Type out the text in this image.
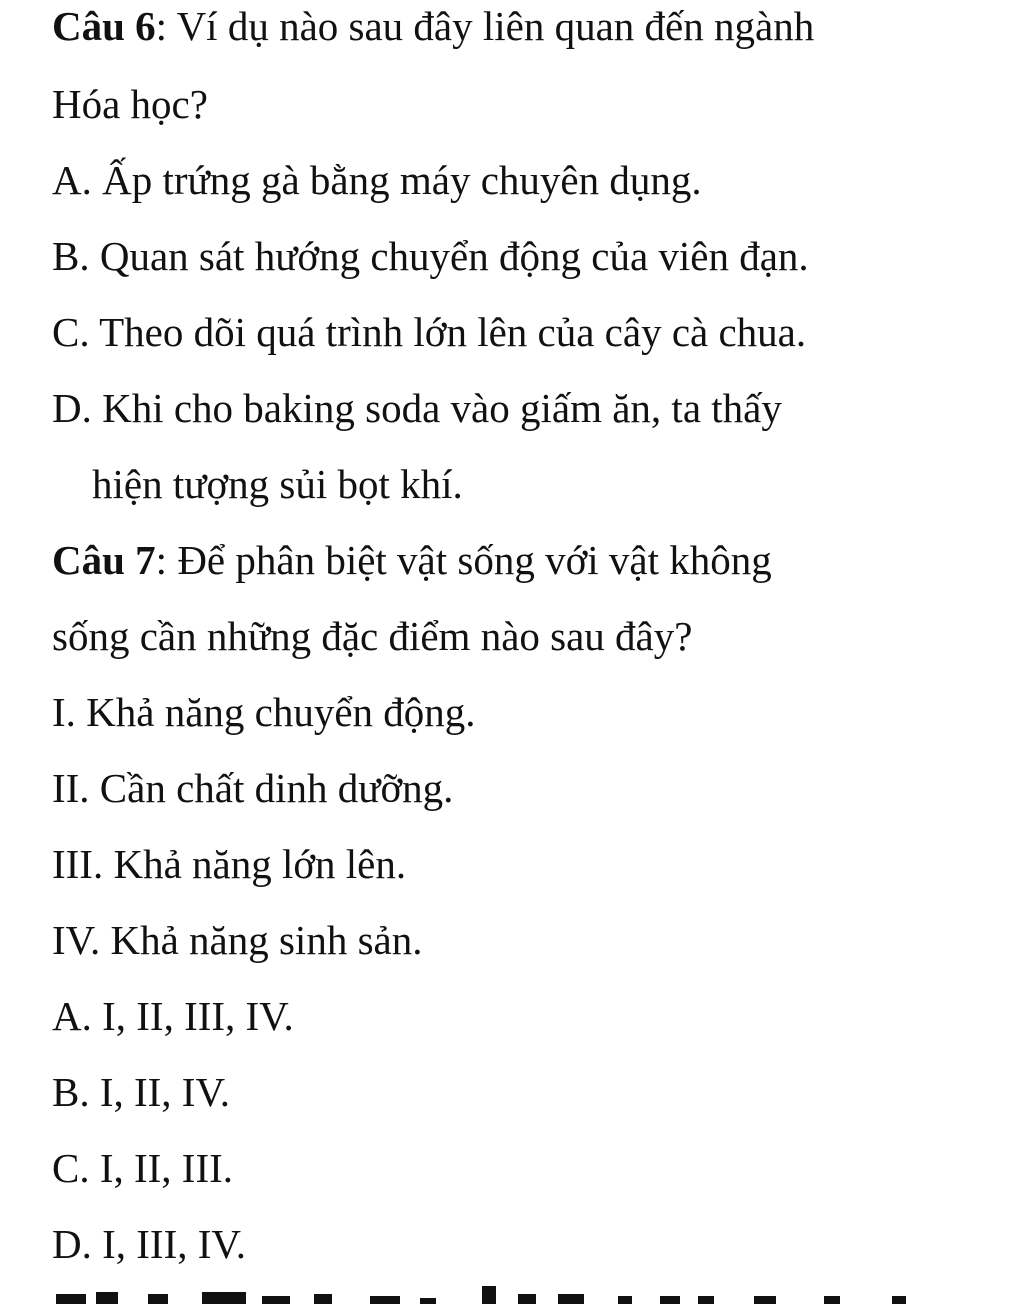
Câu 6: Ví dụ nào sau đây liên quan đến ngành

Hóa học?

A. Ấp trứng gà bằng máy chuyên dụng.

B. Quan sát hướng chuyển động của viên đạn.

C. Theo dõi quá trình lớn lên của cây cà chua.

D. Khi cho baking soda vào giấm ăn, ta thấy

hiện tượng sủi bọt khí.

Câu 7: Để phân biệt vật sống với vật không

sống cần những đặc điểm nào sau đây?

I. Khả năng chuyển động.

II. Cần chất dinh dưỡng.

III. Khả năng lớn lên.

IV. Khả năng sinh sản.

A. I, II, III, IV.

B. I, II, IV.

C. I, II, III.

D. I, III, IV.
